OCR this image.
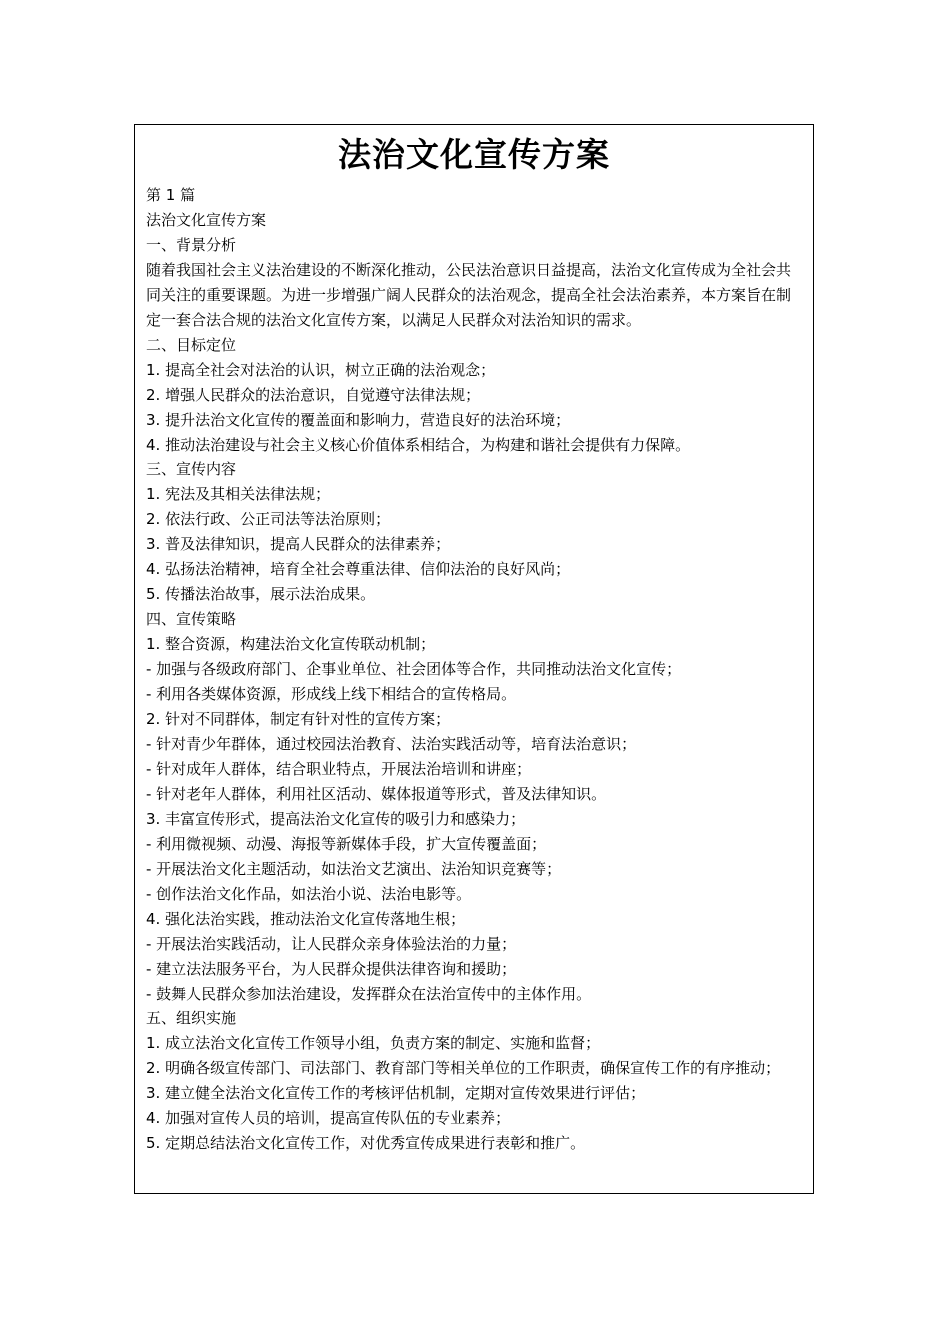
法治文化宣传方案
第 1 篇
法治文化宣传方案
一、背景分析
随着我国社会主义法治建设的不断深化推动，公民法治意识日益提高，法治文化宣传成为全社会共同关注的重要课题。为进一步增强广阔人民群众的法治观念，提高全社会法治素养，本方案旨在制定一套合法合规的法治文化宣传方案，以满足人民群众对法治知识的需求。
二、目标定位
1. 提高全社会对法治的认识，树立正确的法治观念；
2. 增强人民群众的法治意识，自觉遵守法律法规；
3. 提升法治文化宣传的覆盖面和影响力，营造良好的法治环境；
4. 推动法治建设与社会主义核心价值体系相结合，为构建和谐社会提供有力保障。
三、宣传内容
1. 宪法及其相关法律法规；
2. 依法行政、公正司法等法治原则；
3. 普及法律知识，提高人民群众的法律素养；
4. 弘扬法治精神，培育全社会尊重法律、信仰法治的良好风尚；
5. 传播法治故事，展示法治成果。
四、宣传策略
1. 整合资源，构建法治文化宣传联动机制；
- 加强与各级政府部门、企事业单位、社会团体等合作，共同推动法治文化宣传；
- 利用各类媒体资源，形成线上线下相结合的宣传格局。
2. 针对不同群体，制定有针对性的宣传方案；
- 针对青少年群体，通过校园法治教育、法治实践活动等，培育法治意识；
- 针对成年人群体，结合职业特点，开展法治培训和讲座；
- 针对老年人群体，利用社区活动、媒体报道等形式，普及法律知识。
3. 丰富宣传形式，提高法治文化宣传的吸引力和感染力；
- 利用微视频、动漫、海报等新媒体手段，扩大宣传覆盖面；
- 开展法治文化主题活动，如法治文艺演出、法治知识竞赛等；
- 创作法治文化作品，如法治小说、法治电影等。
4. 强化法治实践，推动法治文化宣传落地生根；
- 开展法治实践活动，让人民群众亲身体验法治的力量；
- 建立法法服务平台，为人民群众提供法律咨询和援助；
- 鼓舞人民群众参加法治建设，发挥群众在法治宣传中的主体作用。
五、组织实施
1. 成立法治文化宣传工作领导小组，负责方案的制定、实施和监督；
2. 明确各级宣传部门、司法部门、教育部门等相关单位的工作职责，确保宣传工作的有序推动；
3. 建立健全法治文化宣传工作的考核评估机制，定期对宣传效果进行评估；
4. 加强对宣传人员的培训，提高宣传队伍的专业素养；
5. 定期总结法治文化宣传工作，对优秀宣传成果进行表彰和推广。
